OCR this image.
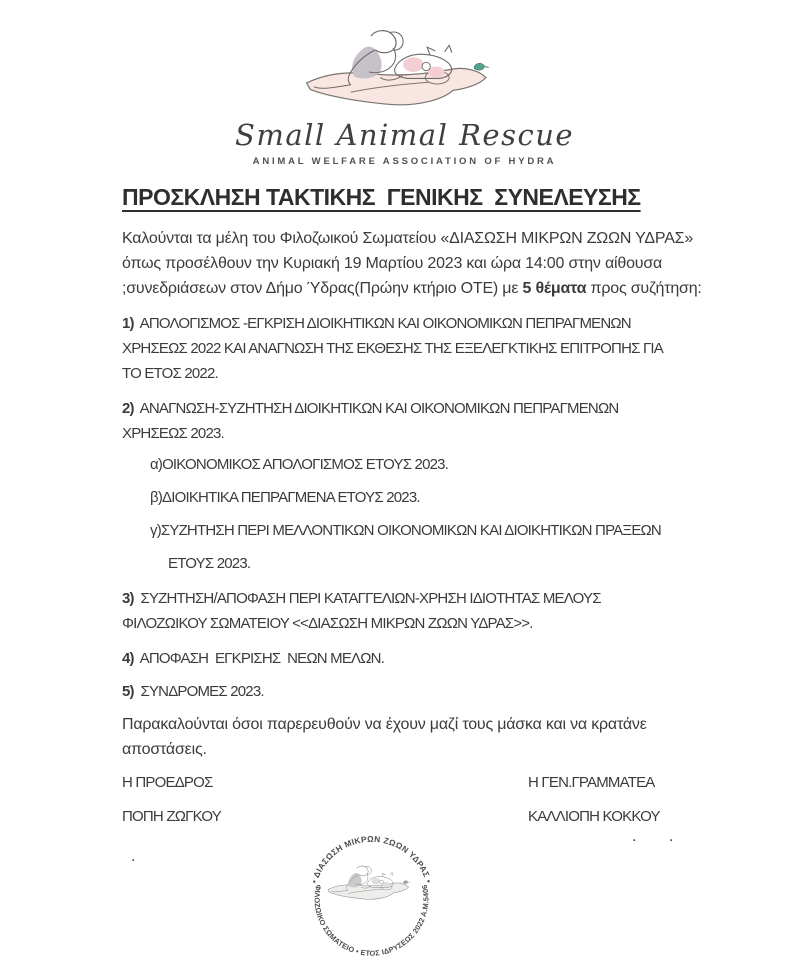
Small Animal Rescue
ANIMAL WELFARE ASSOCIATION OF HYDRA
ΠΡΟΣΚΛΗΣΗ ΤΑΚΤΙΚΗΣ  ΓΕΝΙΚΗΣ  ΣΥΝΕΛΕΥΣΗΣ

Καλούνται τα μέλη του Φιλοζωικού Σωματείου «ΔΙΑΣΩΣΗ ΜΙΚΡΩΝ ΖΩΩΝ ΥΔΡΑΣ»
όπως προσέλθουν την Κυριακή 19 Μαρτίου 2023 και ώρα 14:00 στην αίθουσα
;συνεδριάσεων στον Δήμο Ύδρας(Πρώην κτήριο ΟΤΕ) με 5 θέματα προς συζήτηση:

1)  ΑΠΟΛΟΓΙΣΜΟΣ -ΕΓΚΡΙΣΗ ΔΙΟΙΚΗΤΙΚΩΝ ΚΑΙ ΟΙΚΟΝΟΜΙΚΩΝ ΠΕΠΡΑΓΜΕΝΩΝ
ΧΡΗΣΕΩΣ 2022 ΚΑΙ ΑΝΑΓΝΩΣΗ ΤΗΣ ΕΚΘΕΣΗΣ ΤΗΣ ΕΞΕΛΕΓΚΤΙΚΗΣ ΕΠΙΤΡΟΠΗΣ ΓΙΑ
ΤΟ ΕΤΟΣ 2022.

2)  ΑΝΑΓΝΩΣΗ-ΣΥΖΗΤΗΣΗ ΔΙΟΙΚΗΤΙΚΩΝ ΚΑΙ ΟΙΚΟΝΟΜΙΚΩΝ ΠΕΠΡΑΓΜΕΝΩΝ
ΧΡΗΣΕΩΣ 2023.

α)ΟΙΚΟΝΟΜΙΚΟΣ ΑΠΟΛΟΓΙΣΜΟΣ ΕΤΟΥΣ 2023.

β)ΔΙΟΙΚΗΤΙΚΑ ΠΕΠΡΑΓΜΕΝΑ ΕΤΟΥΣ 2023.

γ)ΣΥΖΗΤΗΣΗ ΠΕΡΙ ΜΕΛΛΟΝΤΙΚΩΝ ΟΙΚΟΝΟΜΙΚΩΝ ΚΑΙ ΔΙΟΙΚΗΤΙΚΩΝ ΠΡΑΞΕΩΝ
ΕΤΟΥΣ 2023.

3)  ΣΥΖΗΤΗΣΗ/ΑΠΟΦΑΣΗ ΠΕΡΙ ΚΑΤΑΓΓΕΛΙΩΝ-ΧΡΗΣΗ ΙΔΙΟΤΗΤΑΣ ΜΕΛΟΥΣ
ΦΙΛΟΖΩΙΚΟΥ ΣΩΜΑΤΕΙΟΥ <<ΔΙΑΣΩΣΗ ΜΙΚΡΩΝ ΖΩΩΝ ΥΔΡΑΣ>>.

4)  ΑΠΟΦΑΣΗ  ΕΓΚΡΙΣΗΣ  ΝΕΩΝ ΜΕΛΩΝ.

5)  ΣΥΝΔΡΟΜΕΣ 2023.

Παρακαλούνται όσοι παρερευθούν να έχουν μαζί τους μάσκα και να κρατάνε
αποστάσεις.

Η ΠΡΟΕΔΡΟΣ	Η ΓΕΝ.ΓΡΑΜΜΑΤΕΑ
ΠΟΠΗ ΖΩΓΚΟΥ	ΚΑΛΛΙΟΠΗ ΚΟΚΚΟΥ
• ΔΙΑΣΩΣΗ ΜΙΚΡΩΝ ΖΩΩΝ ΥΔΡΑΣ •
ΦΙΛΟΖΩΙΚΟ ΣΩΜΑΤΕΙΟ • ΕΤΟΣ ΙΔΡΥΣΕΩΣ 2022 Α.Μ.5406
.
. .
